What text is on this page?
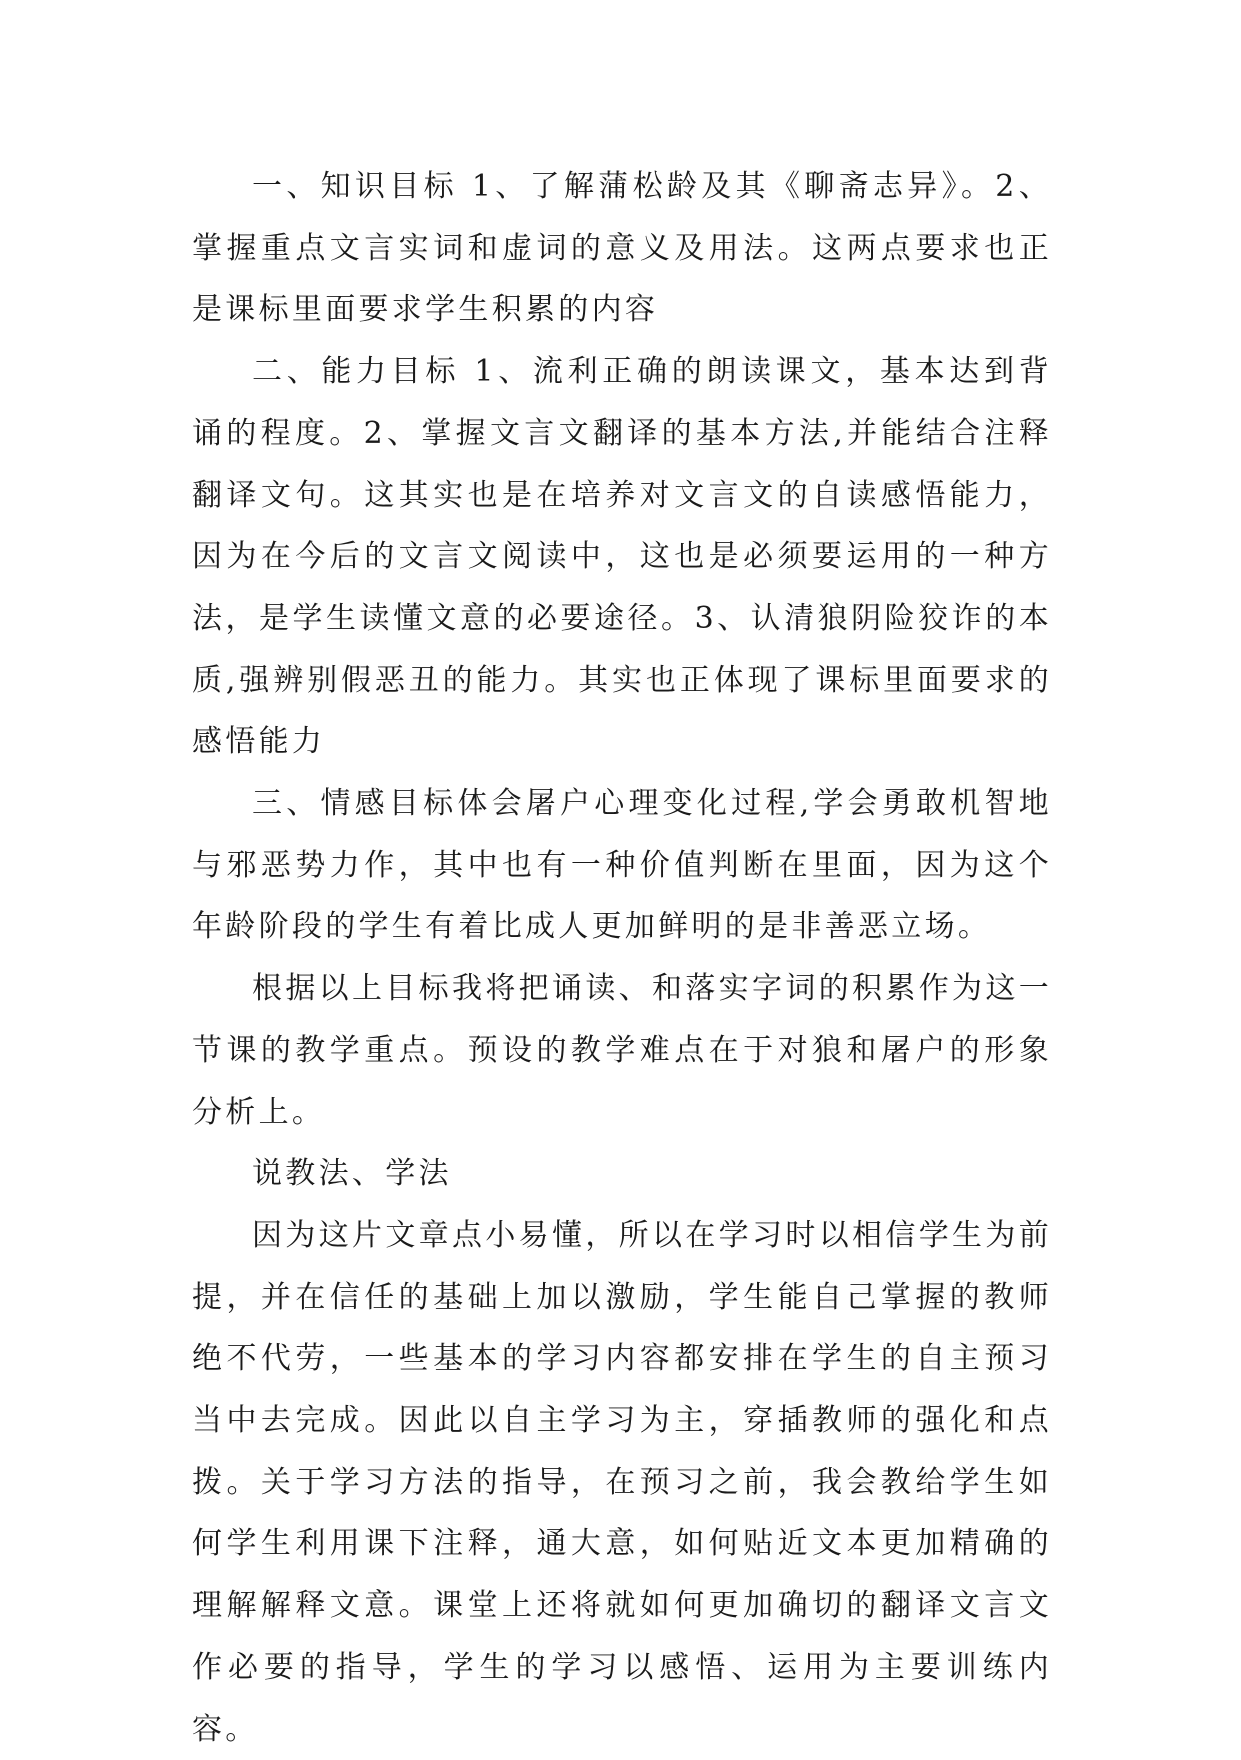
一、知识目标 1、了解蒲松龄及其《聊斋志异》。2、掌握重点文言实词和虚词的意义及用法。这两点要求也正是课标里面要求学生积累的内容

二、能力目标 1、流利正确的朗读课文，基本达到背诵的程度。2、掌握文言文翻译的基本方法,并能结合注释翻译文句。这其实也是在培养对文言文的自读感悟能力，因为在今后的文言文阅读中，这也是必须要运用的一种方法，是学生读懂文意的必要途径。3、认清狼阴险狡诈的本质,强辨别假恶丑的能力。其实也正体现了课标里面要求的感悟能力

三、情感目标体会屠户心理变化过程,学会勇敢机智地与邪恶势力作，其中也有一种价值判断在里面，因为这个年龄阶段的学生有着比成人更加鲜明的是非善恶立场。

根据以上目标我将把诵读、和落实字词的积累作为这一节课的教学重点。预设的教学难点在于对狼和屠户的形象分析上。

说教法、学法

因为这片文章点小易懂，所以在学习时以相信学生为前提，并在信任的基础上加以激励，学生能自己掌握的教师绝不代劳，一些基本的学习内容都安排在学生的自主预习当中去完成。因此以自主学习为主，穿插教师的强化和点拨。关于学习方法的指导，在预习之前，我会教给学生如何学生利用课下注释，通大意，如何贴近文本更加精确的理解解释文意。课堂上还将就如何更加确切的翻译文言文作必要的指导，学生的学习以感悟、运用为主要训练内容。
